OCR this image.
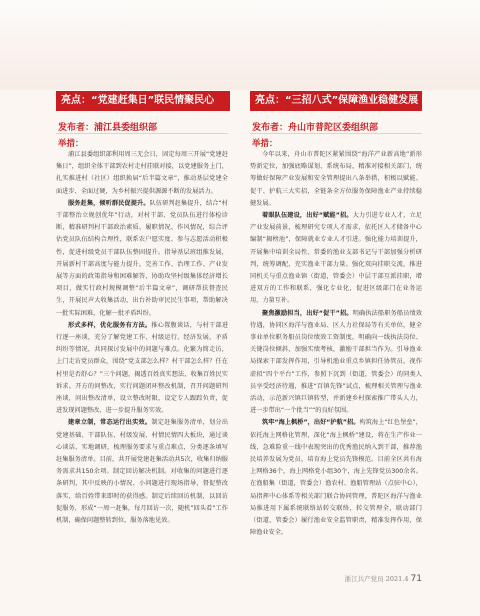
亮点：“党建赶集日”联民情聚民心	亮点：“三招八式”保障渔业稳健发展
发布者：浦江县委组织部	发布者：舟山市普陀区委组织部
举措：	举措：

浦江县委组织部利用周三无会日，固定每周三开展“党建赶集日”，组织全体干部到农村走村挂联对接，以党建服务上门，扎实推进村（社区）组织换届“后半篇文章”，推动基层党建全面进步、全面过硬，为乡村振兴提供源源不断的发展活力。

服务赶集，倾听群民促提升。队伍研判赶集提升，结合“村干部整治立规创优年”行动，对村干部、党员队伍进行体检诊断，精准研判村干部政治素质、履职情况、作风情况，综合评估党员队伍结构合理性，联系农户愿实度、参与志愿活动积极性，促进村级党员干部队伍整固提升。指导基层班组推发展，开展新村干部高度与能力提升，完善工作、治理工作、产业发展等方面的政策指导和困难解答，协助攻坚村级集体经济增长项目，做实行政村规模调整“后半篇文章”，调研帮扶督查民生，开展民声大收集活动，出台补助审民民生事项，帮助解决一批实际困难，化解一批矛盾纠纷。

形式多样，优化服务有方法。推心置腹谈话，与村干部进行逐一座谈，充分了解党建工作、村级运行、经济发展、矛盾纠纷等情况，共同探讨发展中的问题与难点。化繁为简走访，上门走访党员群众，围绕“党支部怎么样？村干部怎么样？任在村里是否舒心？”三个问题，揭透百姓真实想法，收集百姓民实诉求。开方的问整改，实行问题闭环整改机制，召开问题研判座谈，问出整改清单，设立整改时限，设定专人跟踪负责，促进发现问题整改，进一步提升服务实效。

建章立制，常态运行出实效。制定赶集服务清单，划分出党建基础、干部队伍、村级发展、村情民情四大板块，通过谈心谈话、实地调研，梳理服务要求与重点难点，分类逐条填写赶集服务清单。目前，共开展党建赶集活动共5次，收集归纳服务需求共150余项。制定回访解决机制。对收集的问题进行逐条研判，其中反映的小情况、小问题进行现场指导，督促整改落实，给百姓带来即时的获得感。制定后续回访机制，以回访促服务，形成“一周一赶集，每月回访一次，随机”回头看”工作机制，确保问题整转到位，服务落地见效。

今年以来，舟山市普陀区紧紧围绕“海洋产业新高地”新形势新定位，加强底略谋划、系统布局，精准对接相关部门，统筹做好保障产业发展和安全管理提出八条举措，积极以赋能、促干、护航三大实招，全链条全方位服务保障渔业产业持续稳健发展。

着眼队伍建设，出好“赋能”招。大力引进专业人才，立足产业发展前景，梳理研究专项人才需求，依托区人才储备中心编制“揭榜池”，保障就业专业人才引进。强化能力培训提升，开展集中培训全局性、常委的渔业支部书记与干部加强分析研判，统筹调配，充实渔业干部力量。强化双向挂职交流，推进同机关与重点渔业镇（街道，管委会）中层干部互派挂职，增进双方的工作和联系，强化专业化，促进区级部门在业务运用，力量互补。

聚焦激励担当，出好“促干”招。明确执法船职务船员绩效待遇，协同区海洋与渔业局、区人力社保局等有关单位，健全事业单位职务船员岗位绩效工资制度，明确向一线执法岗位、关键岗位倾斜，加强实绩考核，激励干部担当作为。引导渔业局探索干部发挥作用，引导机渔业重点乡镇担任协管员，视作虚拟“四个平台”工作，参照下沉到（街道，管委会）的同类人员享受经济待遇，推进“百镇先锋”试点，梳理相关管理与渔业活动，示范新兴镇巨镇转型，并新建乡村探索推广带头人力，进一步带出“一个批当”“的良好氛围。

筑牢“海上枫桥”，出好“护航”招。构筑海上“红色堡垒”，依托海上网格化管理，深化“海上枫桥”建设，将在生产作业一线，急难险重一线中表现突出的优秀渔民纳入到干部，推荐渔民培养发展为党员，培育海上党员先锋模范。目前全区共有海上网格36个，海上网格党小组30个，海上先锋党员300余名。在渔船集（街道，管委会）渔农村、渔船管理站（点驻中心），局指挥中心体系等相关部门联合协同管理，普陀区海洋与渔业局推进用下属系统联络站转交联络，转交管理全，联动部门（街道，管委会）履行渔业安全监管职责，精准发挥作用，保障渔业安全。

浙江共产党员 2021.4 71
